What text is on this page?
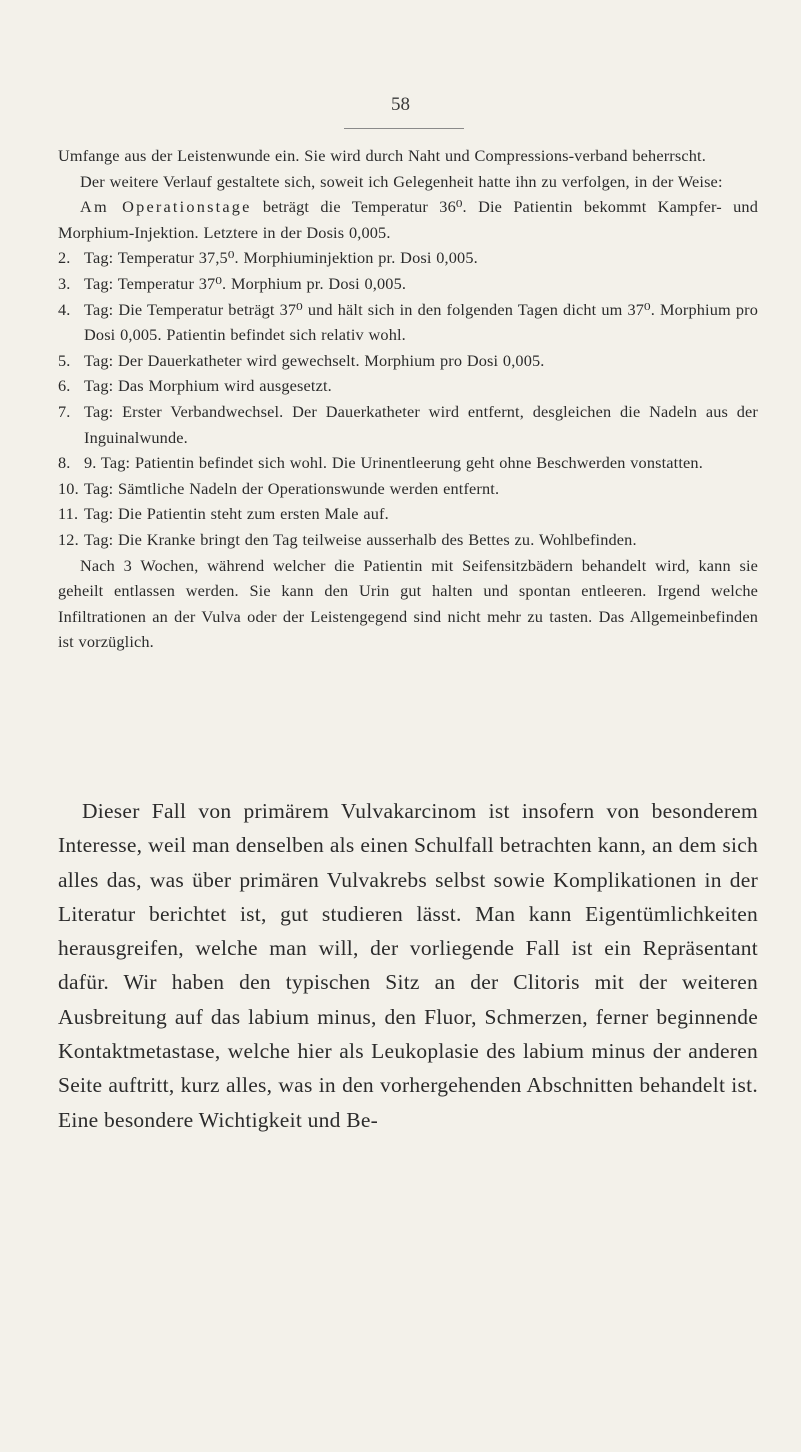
58

Umfange aus der Leistenwunde ein. Sie wird durch Naht und Compressions-verband beherrscht.

Der weitere Verlauf gestaltete sich, soweit ich Gelegenheit hatte ihn zu verfolgen, in der Weise:

Am Operationstage beträgt die Temperatur 36⁰. Die Patientin bekommt Kampfer- und Morphium-Injektion. Letztere in der Dosis 0,005.

2. Tag: Temperatur 37,5⁰. Morphiuminjektion pr. Dosi 0,005.
3. Tag: Temperatur 37⁰. Morphium pr. Dosi 0,005.
4. Tag: Die Temperatur beträgt 37⁰ und hält sich in den folgenden Tagen dicht um 37⁰. Morphium pro Dosi 0,005. Patientin befindet sich relativ wohl.
5. Tag: Der Dauerkatheter wird gewechselt. Morphium pro Dosi 0,005.
6. Tag: Das Morphium wird ausgesetzt.
7. Tag: Erster Verbandwechsel. Der Dauerkatheter wird entfernt, desgleichen die Nadeln aus der Inguinalwunde.
8. 9. Tag: Patientin befindet sich wohl. Die Urinentleerung geht ohne Beschwerden vonstatten.
10. Tag: Sämtliche Nadeln der Operationswunde werden entfernt.
11. Tag: Die Patientin steht zum ersten Male auf.
12. Tag: Die Kranke bringt den Tag teilweise ausserhalb des Bettes zu. Wohlbefinden.

Nach 3 Wochen, während welcher die Patientin mit Seifensitzbädern behandelt wird, kann sie geheilt entlassen werden. Sie kann den Urin gut halten und spontan entleeren. Irgend welche Infiltrationen an der Vulva oder der Leistengegend sind nicht mehr zu tasten. Das Allgemeinbefinden ist vorzüglich.

Dieser Fall von primärem Vulvakarcinom ist insofern von besonderem Interesse, weil man denselben als einen Schulfall betrachten kann, an dem sich alles das, was über primären Vulvakrebs selbst sowie Komplikationen in der Literatur berichtet ist, gut studieren lässt. Man kann Eigentümlichkeiten herausgreifen, welche man will, der vorliegende Fall ist ein Repräsentant dafür. Wir haben den typischen Sitz an der Clitoris mit der weiteren Ausbreitung auf das labium minus, den Fluor, Schmerzen, ferner beginnende Kontaktmetastase, welche hier als Leukoplasie des labium minus der anderen Seite auftritt, kurz alles, was in den vorhergehenden Abschnitten behandelt ist. Eine besondere Wichtigkeit und Be-
